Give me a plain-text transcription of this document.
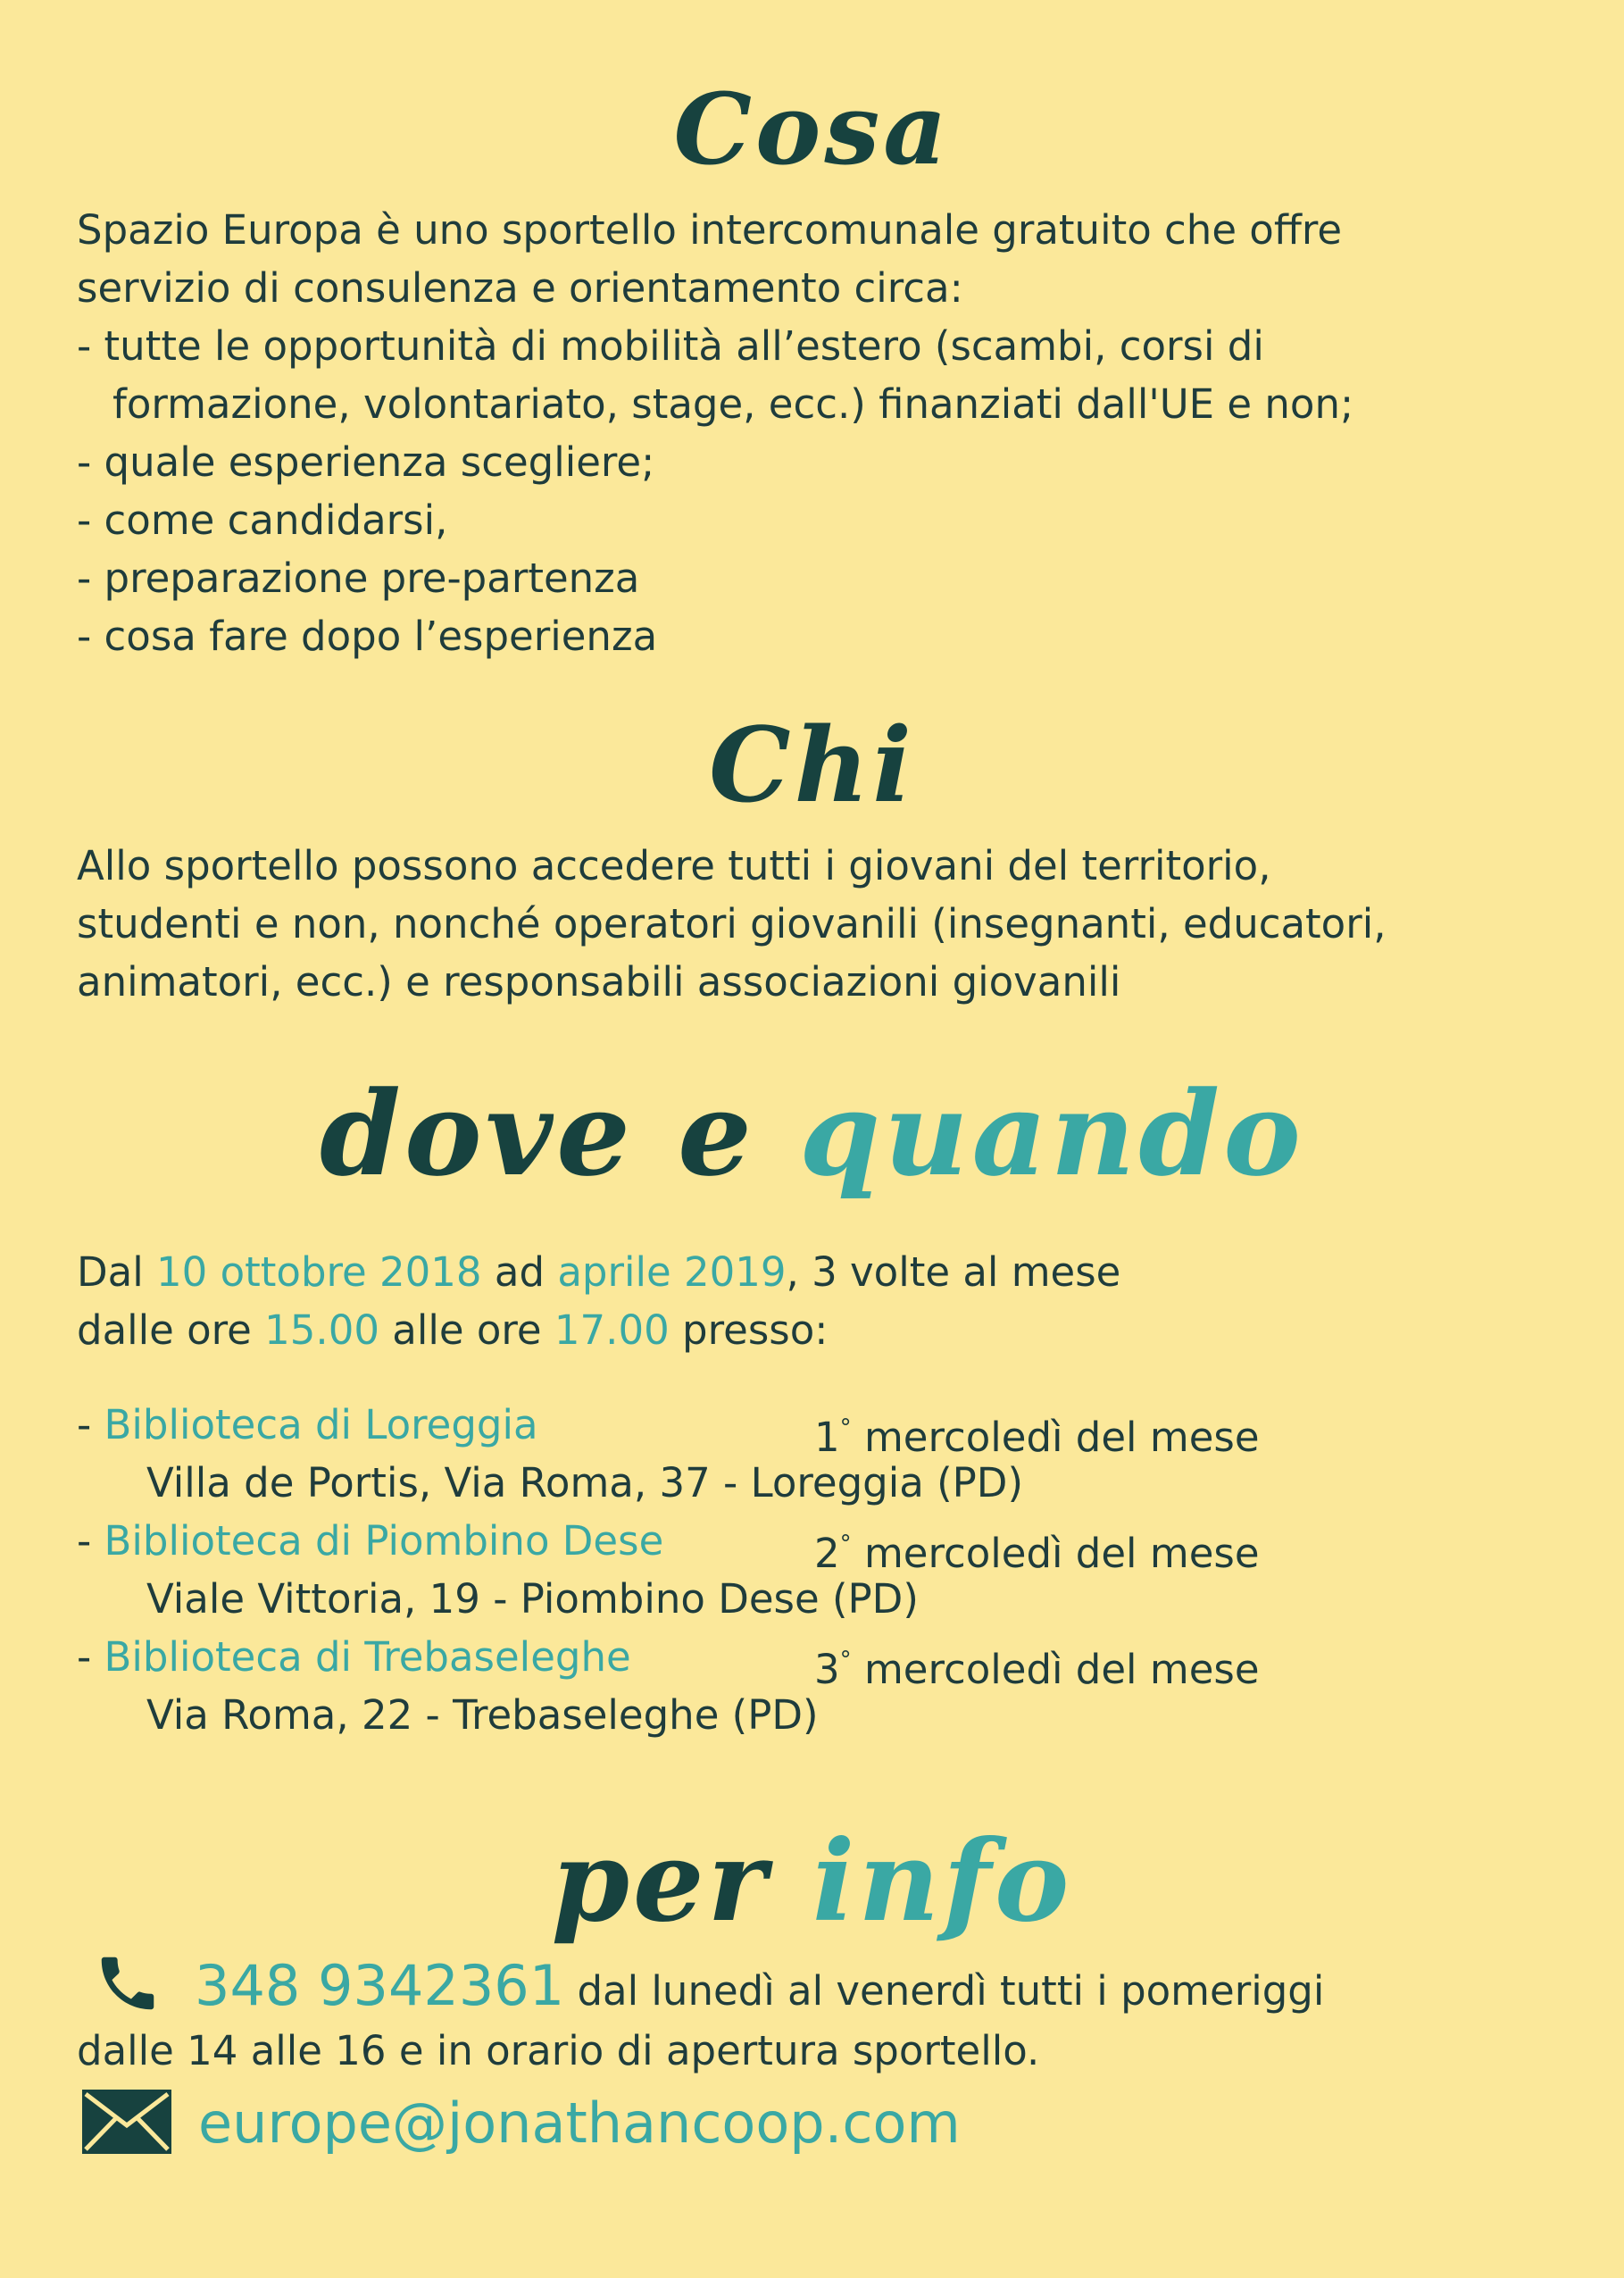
Cosa

Spazio Europa è uno sportello intercomunale gratuito che offre

servizio di consulenza e orientamento circa:

- tutte le opportunità di mobilità all’estero (scambi, corsi di

formazione, volontariato, stage, ecc.) finanziati dall'UE e non;

- quale esperienza scegliere;

- come candidarsi,

- preparazione pre-partenza

- cosa fare dopo l’esperienza

Chi

Allo sportello possono accedere tutti i giovani del territorio,

studenti e non, nonché operatori giovanili (insegnanti, educatori,

animatori, ecc.) e responsabili associazioni giovanili

dove e quando

Dal 10 ottobre 2018 ad aprile 2019, 3 volte al mese

dalle ore 15.00 alle ore 17.00 presso:

- Biblioteca di Loreggia	1° mercoledì del mese
Villa de Portis, Via Roma, 37 - Loreggia (PD)
- Biblioteca di Piombino Dese	2° mercoledì del mese
Viale Vittoria, 19 - Piombino Dese (PD)
- Biblioteca di Trebaseleghe	3° mercoledì del mese
Via Roma, 22 - Trebaseleghe (PD)
per info
348 9342361 dal lunedì al venerdì tutti i pomeriggi
dalle 14 alle 16 e in orario di apertura sportello.
europe@jonathancoop.com
